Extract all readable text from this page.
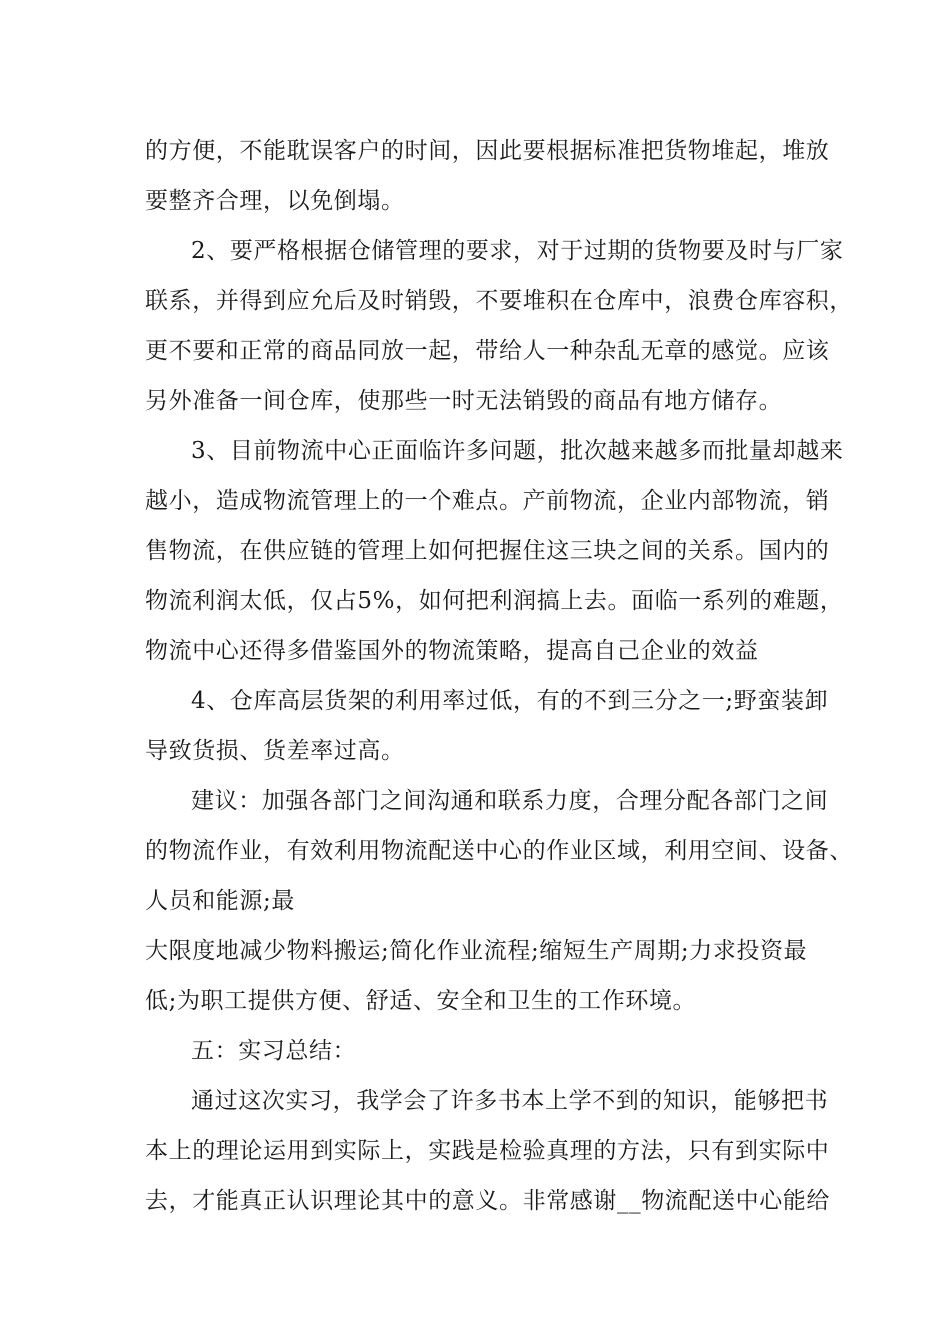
的方便，不能耽误客户的时间，因此要根据标准把货物堆起，堆放
要整齐合理，以免倒塌。
2、要严格根据仓储管理的要求，对于过期的货物要及时与厂家
联系，并得到应允后及时销毁，不要堆积在仓库中，浪费仓库容积，
更不要和正常的商品同放一起，带给人一种杂乱无章的感觉。应该
另外准备一间仓库，使那些一时无法销毁的商品有地方储存。
3、目前物流中心正面临许多问题，批次越来越多而批量却越来
越小，造成物流管理上的一个难点。产前物流，企业内部物流，销
售物流，在供应链的管理上如何把握住这三块之间的关系。国内的
物流利润太低，仅占5%，如何把利润搞上去。面临一系列的难题，
物流中心还得多借鉴国外的物流策略，提高自己企业的效益
4、仓库高层货架的利用率过低，有的不到三分之一;野蛮装卸
导致货损、货差率过高。
建议：加强各部门之间沟通和联系力度，合理分配各部门之间
的物流作业，有效利用物流配送中心的作业区域，利用空间、设备、
人员和能源;最
大限度地减少物料搬运;简化作业流程;缩短生产周期;力求投资最
低;为职工提供方便、舒适、安全和卫生的工作环境。
五：实习总结：
通过这次实习，我学会了许多书本上学不到的知识，能够把书
本上的理论运用到实际上，实践是检验真理的方法，只有到实际中
去，才能真正认识理论其中的意义。非常感谢__物流配送中心能给
